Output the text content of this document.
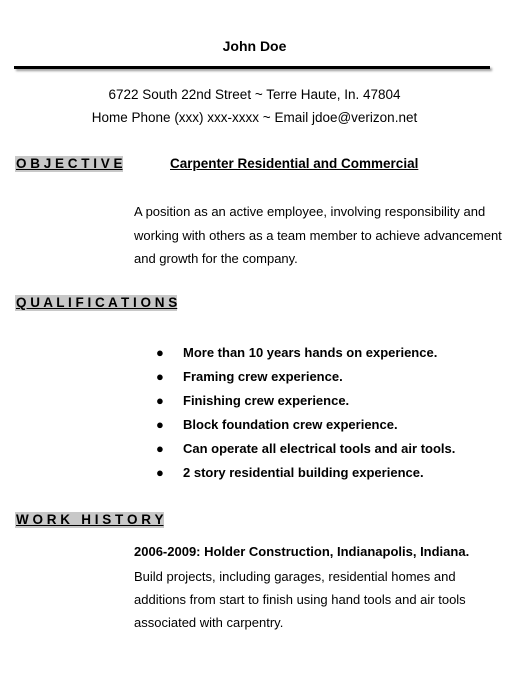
John Doe
6722 South 22nd Street ~ Terre Haute, In. 47804
Home Phone (xxx) xxx-xxxx ~ Email jdoe@verizon.net
O B J E C T I V E	Carpenter Residential and Commercial
A position as an active employee, involving responsibility and working with others as a team member to achieve advancement and growth for the company.
Q U A L I F I C A T I O N S
● More than 10 years hands on experience.
● Framing crew experience.
● Finishing crew experience.
● Block foundation crew experience.
● Can operate all electrical tools and air tools.
● 2 story residential building experience.
W O R K   H I S T O R Y
2006-2009: Holder Construction, Indianapolis, Indiana.
Build projects, including garages, residential homes and additions from start to finish using hand tools and air tools associated with carpentry.
